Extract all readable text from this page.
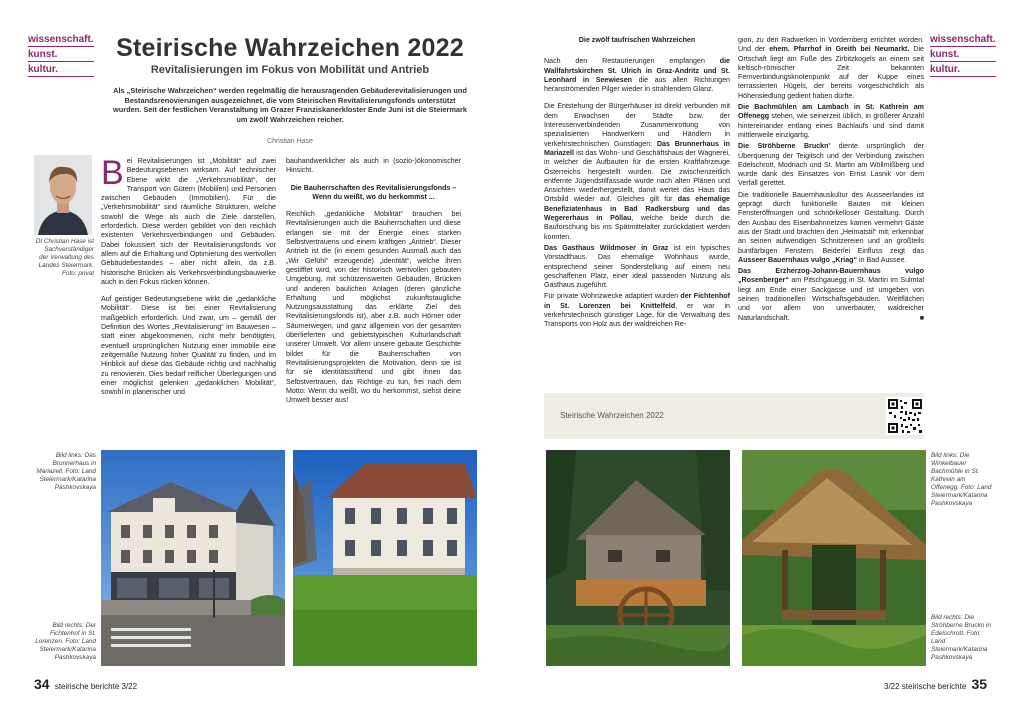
wissenschaft.
kunst.
kultur.
wissenschaft.
kunst.
kultur.
Steirische Wahrzeichen 2022
Revitalisierungen im Fokus von Mobilität und Antrieb
Als „Steirische Wahrzeichen“ werden regelmäßig die herausragenden Gebäuderevitalisierungen und Bestandsrenovierungen ausgezeichnet, die vom Steirischen Revitalisierungsfonds unterstützt wurden. Seit der festlichen Veranstaltung im Grazer Franziskanerkloster Ende Juni ist die Steiermark um zwölf Wahrzeichen reicher.
Christian Hase
DI Christian Hase ist Sachverständiger der Verwaltung des Landes Steiermark. Foto: privat

Bei Revitalisierungen ist „Mobilität“ auf zwei Bedeutungsebenen wirksam. Auf technischer Ebene wirkt die „Verkehrsmobilität“, der Transport von Gütern (Mobilien) und Personen zwischen Gebäuden (Immobilien). Für die „Verkehrsmobilität“ sind räumliche Strukturen, welche sowohl die Wege als auch die Ziele darstellen, erforderlich. Diese werden gebildet von den reichlich existenten Verkehrsverbindungen und Gebäuden. Dabei fokussiert sich der Revitalisierungsfonds vor allem auf die Erhaltung und Optimierung des wertvollen Gebäudebestandes – aber nicht allein, da z.B. historische Brücken als Verkehrsverbindungsbauwerke auch in den Fokus rücken können.

Auf geistiger Bedeutungsebene wirkt die „gedankliche Mobilität“. Diese ist bei einer Revitalisierung maßgeblich erforderlich. Und zwar, um – gemäß der Definition des Wortes „Revitalisierung“ im Bauwesen – statt einer abgekommenen, nicht mehr benötigten, eventuell ursprünglichen Nutzung einer immobile eine zeitgemäße Nutzung hoher Qualität zu finden, und im Hinblick auf diese das Gebäude richtig und nachhaltig zu renovieren. Dies bedarf reiflicher Überlegungen und einer möglichst gelenken „gedanklichen Mobilität“, sowohl in planerischer und

bauhandwerklicher als auch in (sozio-)ökonomischer Hinsicht.

Die Bauherrschaften des Revitalisierungsfonds – Wenn du weißt, wo du herkommst ...

Reichlich „gedankliche Mobilität“ brauchen bei Revitalisierungen auch die Bauherrschaften und diese erlangen sie mit der Energie eines starken Selbstvertrauens und einem kräftigen „Antrieb“. Dieser Antrieb ist die (in einem gesunden Ausmaß auch das „Wir Gefühl“ erzeugende) „identität“, welche ihren gestifftet wird, von der historisch wertvollen gebauten Umgebung, mit schützenswerten Gebäuden, Brücken und anderen baulichen Anlagen (deren gänzliche Erhaltung und möglichst zukunftstaugliche Nutzungsausstattung das erklärte Ziel des Revitalisierungsfonds ist), aber z.B. auch Hörner oder Säumerwegen, und ganz allgemein von der gesamten überlieferten und gebietstypischen Kulturlandschaft unserer Umwelt. Vor allem unsere gebaute Geschichte bildet für die Bauherrschaften von Revitalisierungsprojekten die Motivation, denn sie ist für sie identitätsstiftend und gibt ihnen das Selbstvertrauen, das Richtige zu tun, frei nach dem Motto: Wenn du weißt, wo du herkommst, siehst deine Umwelt besser aus!

Die zwölf taufrischen Wahrzeichen

Nach den Restaurierungen empfangen die Wallfahrtskirchen St. Ulrich in Graz-Andritz und St. Leonhard in Seewiesen die aus allen Richtungen heranströmenden Pilger wieder in strahlendem Glanz.

Die Entstehung der Bürgerhäuser ist direkt verbunden mit dem Erwachsen der Städte bzw. der Interessenverbindenden Zusammenrottung von spezialisierten Handwerkern und Händlern in verkehrstechnischen Gunstlagen: Das Brunnerhaus in Mariazell ist das Wohn- und Geschäftshaus der Wagnerei, in welcher die Aufbauten für die ersten Kraftfahrzeuge Österreichs hergestellt wurden. Die zwischenzeitlich entfernte Jugendstilfassade wurde nach alten Plänen und Ansichten wiederhergestellt, damit wertet das Haus das Ortsbild wieder auf. Gleiches gilt für das ehemalige Benefiziatenhaus in Bad Radkersburg und das Wegererhaus in Pöllau, welche beide durch die Bauforschung bis ins Spätmittelalter zurückdatiert werden konnten.

Das Gasthaus Wildmoser in Graz ist ein typisches Vorstadthaus. Das ehemalige Wohnhaus wurde, entsprechend seiner Sonderstellung auf einem neu geschaffenen Platz, einer ideal passenden Nutzung als Gasthaus zugeführt.

Für private Wohnzwecke adaptiert wurden der Fichtenhof in St. Lorenzen bei Knittelfeld, er war in verkehrstechnisch günstiger Lage, für die Verwaltung des Transports von Holz aus der waldreichen Re-

gion, zu den Radwerken in Vordernberg errichtet worden. Und der ehem. Pfarrhof in Greith bei Neumarkt. Die Ortschaft liegt am Fuße des Zirbitzkogels an einem seit keltisch-römischer Zeit bekannten Fernverbindungsknotenpunkt auf der Kuppe eines terrassierten Hügels, der bereits vorgeschichtlich als Höhensiedlung gedient haben dürfte.

Die Bachmühlen am Lambach in St. Kathrein am Offenegg stehen, wie seinerzeit üblich, in größerer Anzahl hintereinander entlang eines Bachlaufs und sind damit mittlerweile einzigartig.

Die Ströhberne Bruckn' diente ursprünglich der Überquerung der Teigitsch und der Verbindung zwischen Edelschrott, Modriach und St. Martin am Wöllmißberg und wurde dank des Einsatzes von Ernst Lasnik vor dem Verfall gerettet.

Die traditionelle Bauernhauskultur des Ausseerlandes ist geprägt durch funktionelle Bauten mit kleinen Fensteröffnungen und schnörkelloser Gestaltung. Durch den Ausbau des Eisenbahnnetzes kamen vermehrt Gäste aus der Stadt und brachten den „Heimatstil“ mit, erkennbar an seinen aufwendigen Schnitzereien und an großteils buntfärbigen Fenstern. Beiderlei Einfluss zeigt das Ausseer Bauernhaus vulgo „Kriag“ in Bad Aussee.

Das Erzherzog-Johann-Bauernhaus vulgo „Rosenberger“ am Pitschgauegg in St. Martin im Sulmtal liegt am Ende einer Sackgasse und ist umgeben von seinen traditionellen Wirtschaftsgebäuden. Weitflächen und vor allem von unverbauter, waldreicher Naturlandschaft.	■

Steirische Wahrzeichen 2022
Bild links: Das Brunnerhaus in Mariazell. Foto: Land Steiermark/Katarina Pashkovskaya
Bild rechts: Der Fichtenhof in St. Lorenzen. Foto: Land Steiermark/Katarina Pashkovskaya
Bild links: Die Winkelbauer Bachmühle in St. Kathrein am Offenegg. Foto: Land Steiermark/Katarina Pashkovskaya
Bild rechts: Die Ströhberne Bruckn in Edelschrott. Foto: Land Steiermark/Katarina Pashkovskaya
34 steirische berichte 3/22	3/22 steirische berichte 35
